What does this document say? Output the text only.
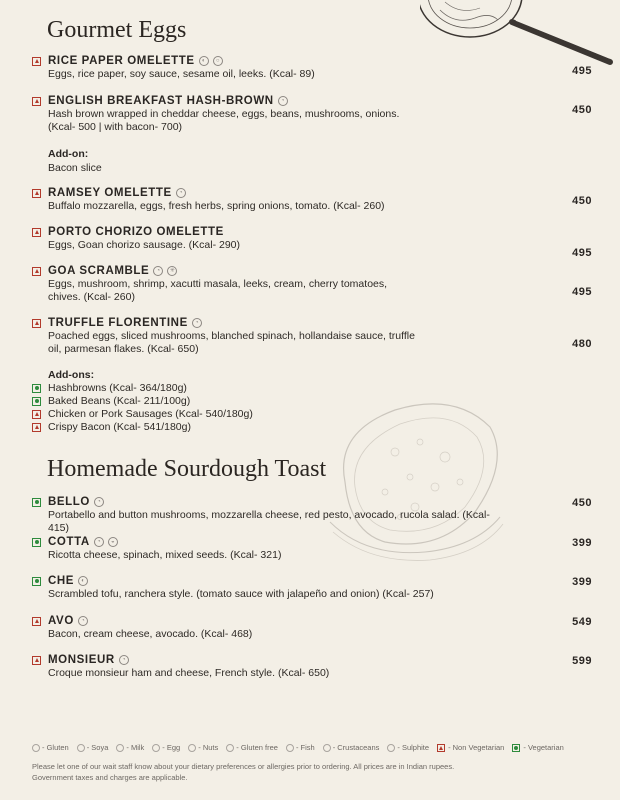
Gourmet Eggs
RICE PAPER OMELETTE	◐	○
Eggs, rice paper, soy sauce, sesame oil, leeks. (Kcal- 89)	495
ENGLISH BREAKFAST HASH-BROWN	◔
Hash brown wrapped in cheddar cheese, eggs, beans, mushrooms, onions. (Kcal- 500 | with bacon- 700)
450
Add-on:
Bacon slice
RAMSEY OMELETTE	◔
Buffalo mozzarella, eggs, fresh herbs, spring onions, tomato. (Kcal- 260)	450
PORTO CHORIZO OMELETTE
Eggs, Goan chorizo sausage. (Kcal- 290)
495
GOA SCRAMBLE	◔	✳
Eggs, mushroom, shrimp, xacutti masala, leeks, cream, cherry tomatoes, chives. (Kcal- 260)	495
TRUFFLE FLORENTINE	◔
Poached eggs, sliced mushrooms, blanched spinach, hollandaise sauce, truffle oil, parmesan flakes. (Kcal- 650)	480
Add-ons:
Hashbrowns (Kcal- 364/180g)
Baked Beans (Kcal- 211/100g)
Chicken or Pork Sausages (Kcal- 540/180g)
Crispy Bacon (Kcal- 541/180g)
Homemade Sourdough Toast
BELLO	◔
Portabello and button mushrooms, mozzarella cheese, red pesto, avocado, rucola salad. (Kcal- 415)
450
COTTA	◔	◒
Ricotta cheese, spinach, mixed seeds. (Kcal- 321)
399
CHE	◐
Scrambled tofu, ranchera style. (tomato sauce with jalapeño and onion) (Kcal- 257)
399
AVO	◔
Bacon, cream cheese, avocado. (Kcal- 468)
549
MONSIEUR	◔
Croque monsieur ham and cheese, French style. (Kcal- 650)
599
- Gluten - Soya - Milk - Egg - Nuts - Gluten free - Fish - Crustaceans - Sulphite	- Non Vegetarian	- Vegetarian
Please let one of our wait staff know about your dietary preferences or allergies prior to ordering. All prices are in Indian rupees.
Government taxes and charges are applicable.
